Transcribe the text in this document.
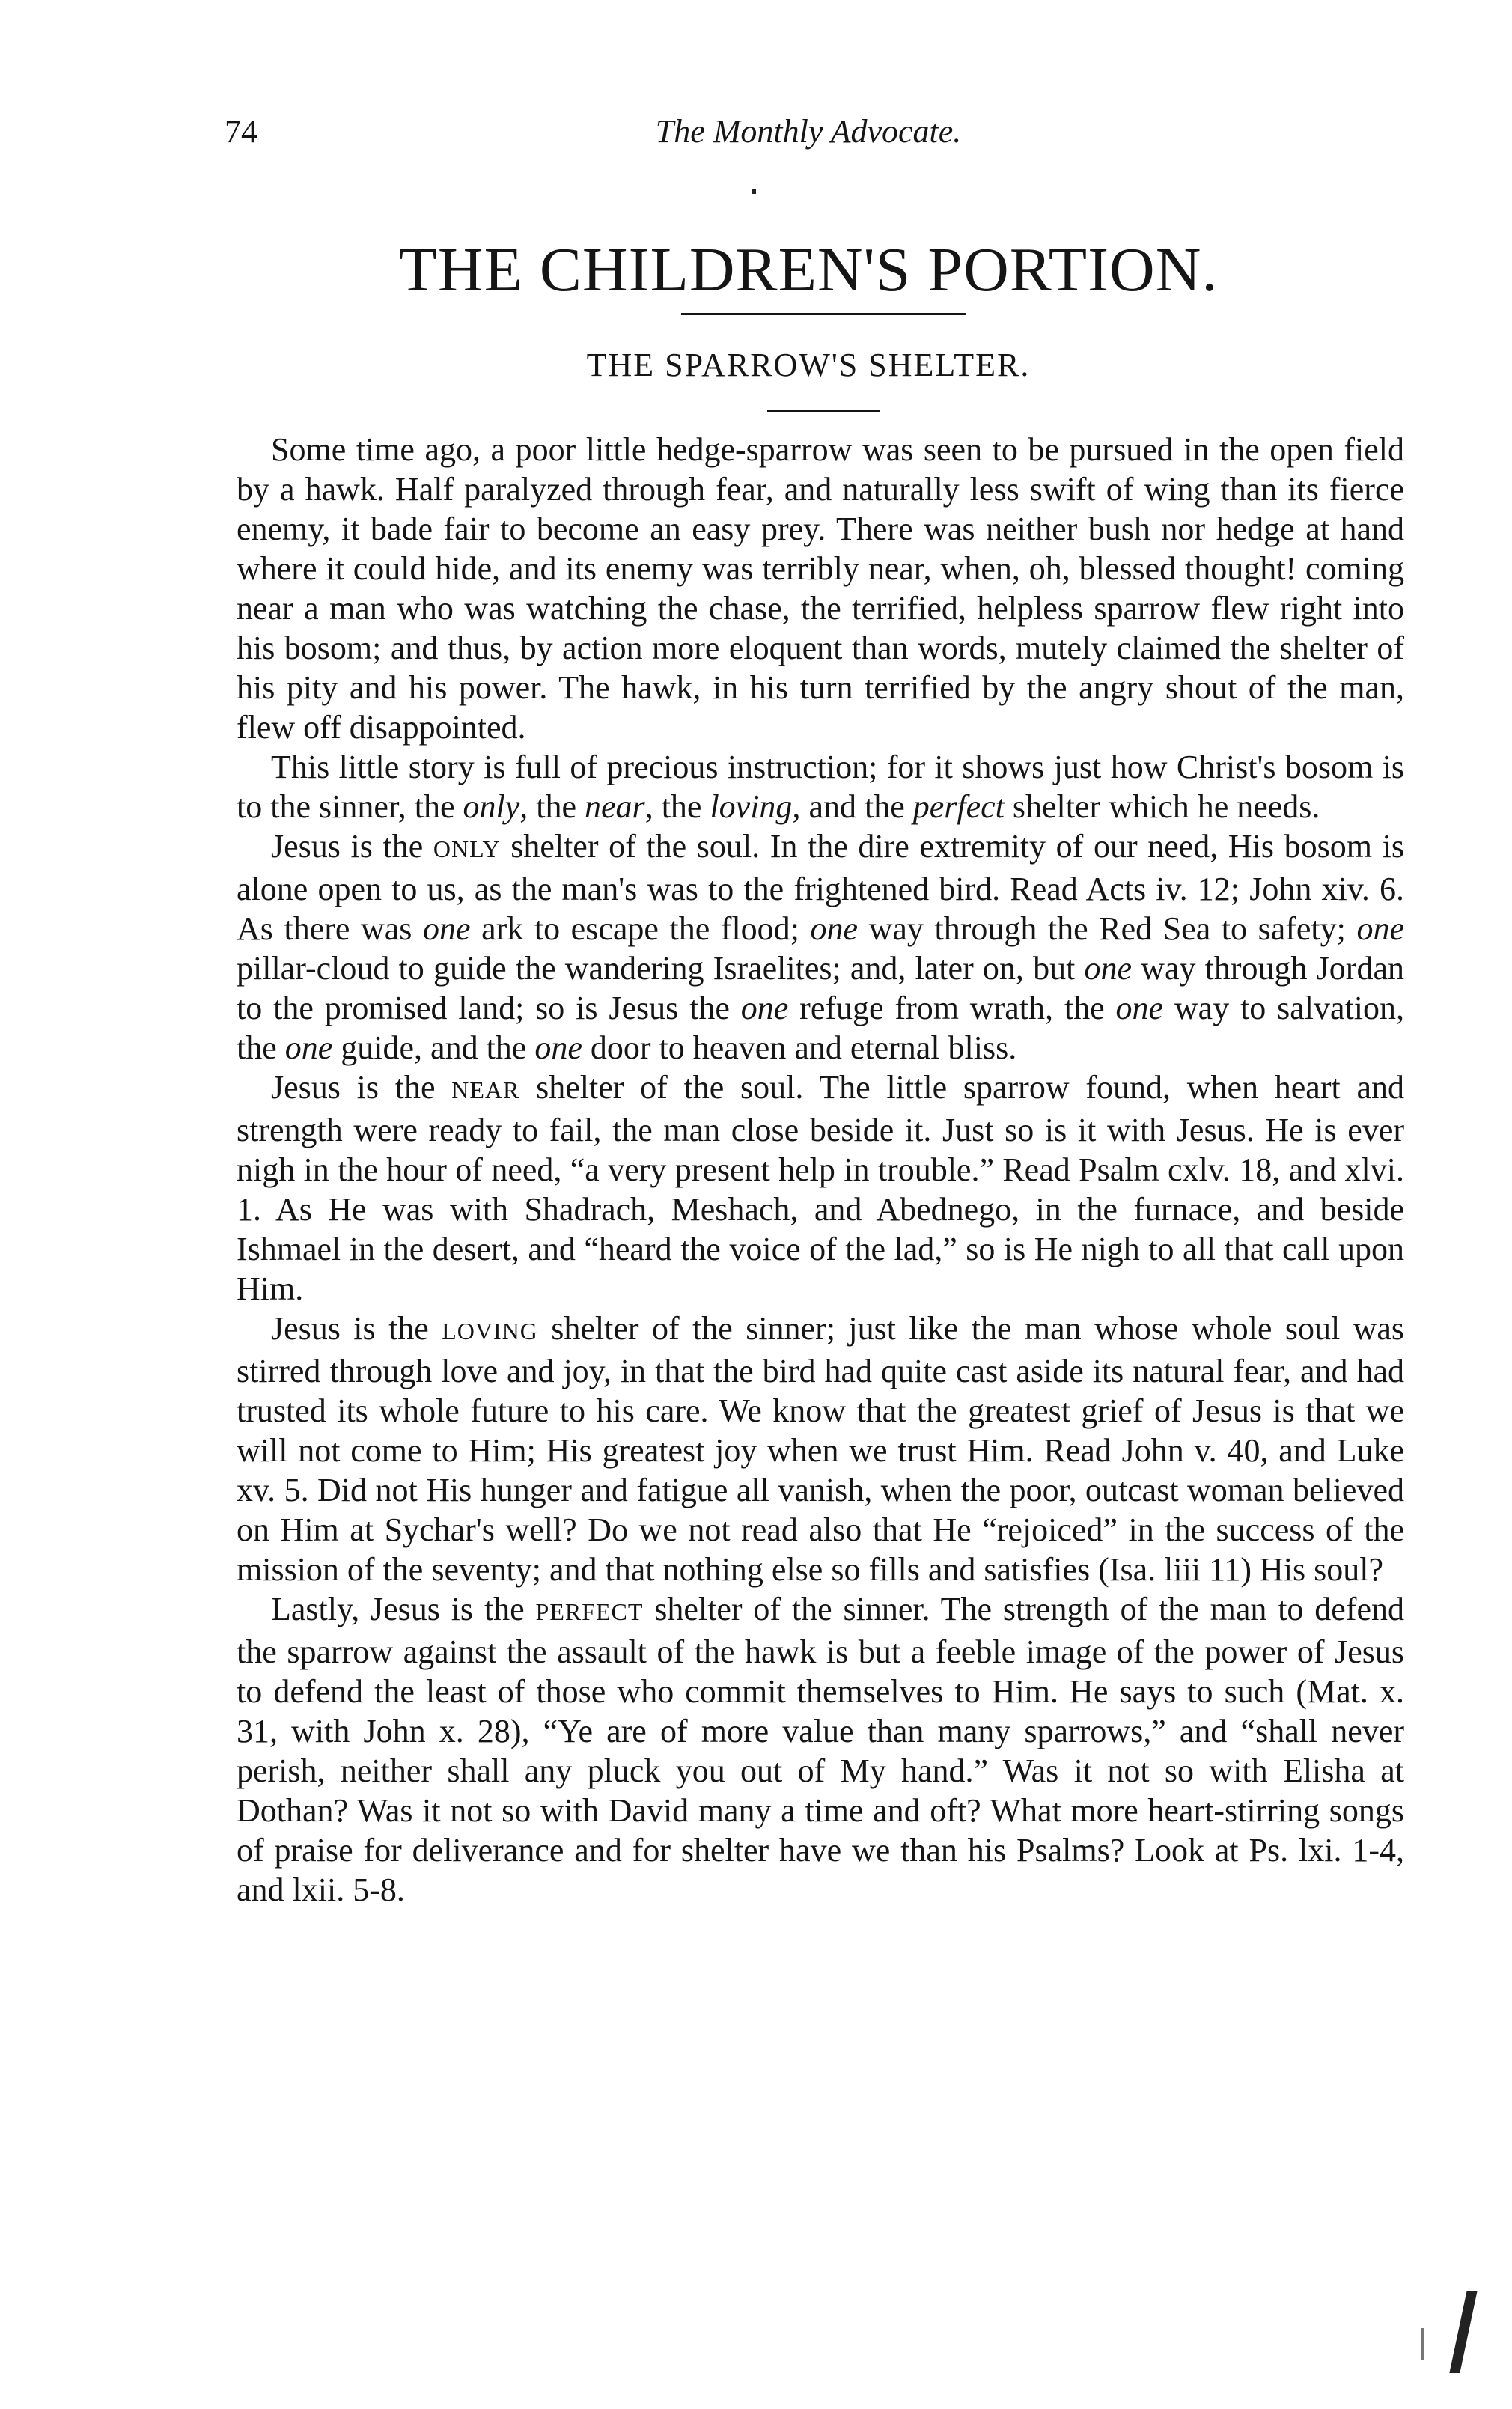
74	The Monthly Advocate.
THE CHILDREN'S PORTION.
THE SPARROW'S SHELTER.

Some time ago, a poor little hedge-sparrow was seen to be pursued in the open field by a hawk. Half paralyzed through fear, and naturally less swift of wing than its fierce enemy, it bade fair to become an easy prey. There was neither bush nor hedge at hand where it could hide, and its enemy was terribly near, when, oh, blessed thought! coming near a man who was watching the chase, the terrified, helpless sparrow flew right into his bosom; and thus, by action more eloquent than words, mutely claimed the shelter of his pity and his power. The hawk, in his turn terrified by the angry shout of the man, flew off disappointed.

This little story is full of precious instruction; for it shows just how Christ's bosom is to the sinner, the only, the near, the loving, and the perfect shelter which he needs.

Jesus is the ONLY shelter of the soul. In the dire extremity of our need, His bosom is alone open to us, as the man's was to the frightened bird. Read Acts iv. 12; John xiv. 6. As there was one ark to escape the flood; one way through the Red Sea to safety; one pillar-cloud to guide the wandering Israelites; and, later on, but one way through Jordan to the promised land; so is Jesus the one refuge from wrath, the one way to salvation, the one guide, and the one door to heaven and eternal bliss.

Jesus is the NEAR shelter of the soul. The little sparrow found, when heart and strength were ready to fail, the man close beside it. Just so is it with Jesus. He is ever nigh in the hour of need, “a very present help in trouble.” Read Psalm cxlv. 18, and xlvi. 1. As He was with Shadrach, Meshach, and Abednego, in the furnace, and beside Ishmael in the desert, and “heard the voice of the lad,” so is He nigh to all that call upon Him.

Jesus is the LOVING shelter of the sinner; just like the man whose whole soul was stirred through love and joy, in that the bird had quite cast aside its natural fear, and had trusted its whole future to his care. We know that the greatest grief of Jesus is that we will not come to Him; His greatest joy when we trust Him. Read John v. 40, and Luke xv. 5. Did not His hunger and fatigue all vanish, when the poor, outcast woman believed on Him at Sychar's well? Do we not read also that He “rejoiced” in the success of the mission of the seventy; and that nothing else so fills and satisfies (Isa. liii 11) His soul?

Lastly, Jesus is the PERFECT shelter of the sinner. The strength of the man to defend the sparrow against the assault of the hawk is but a feeble image of the power of Jesus to defend the least of those who commit themselves to Him. He says to such (Mat. x. 31, with John x. 28), “Ye are of more value than many sparrows,” and “shall never perish, neither shall any pluck you out of My hand.” Was it not so with Elisha at Dothan? Was it not so with David many a time and oft? What more heart-stirring songs of praise for deliverance and for shelter have we than his Psalms? Look at Ps. lxi. 1-4, and lxii. 5-8.
